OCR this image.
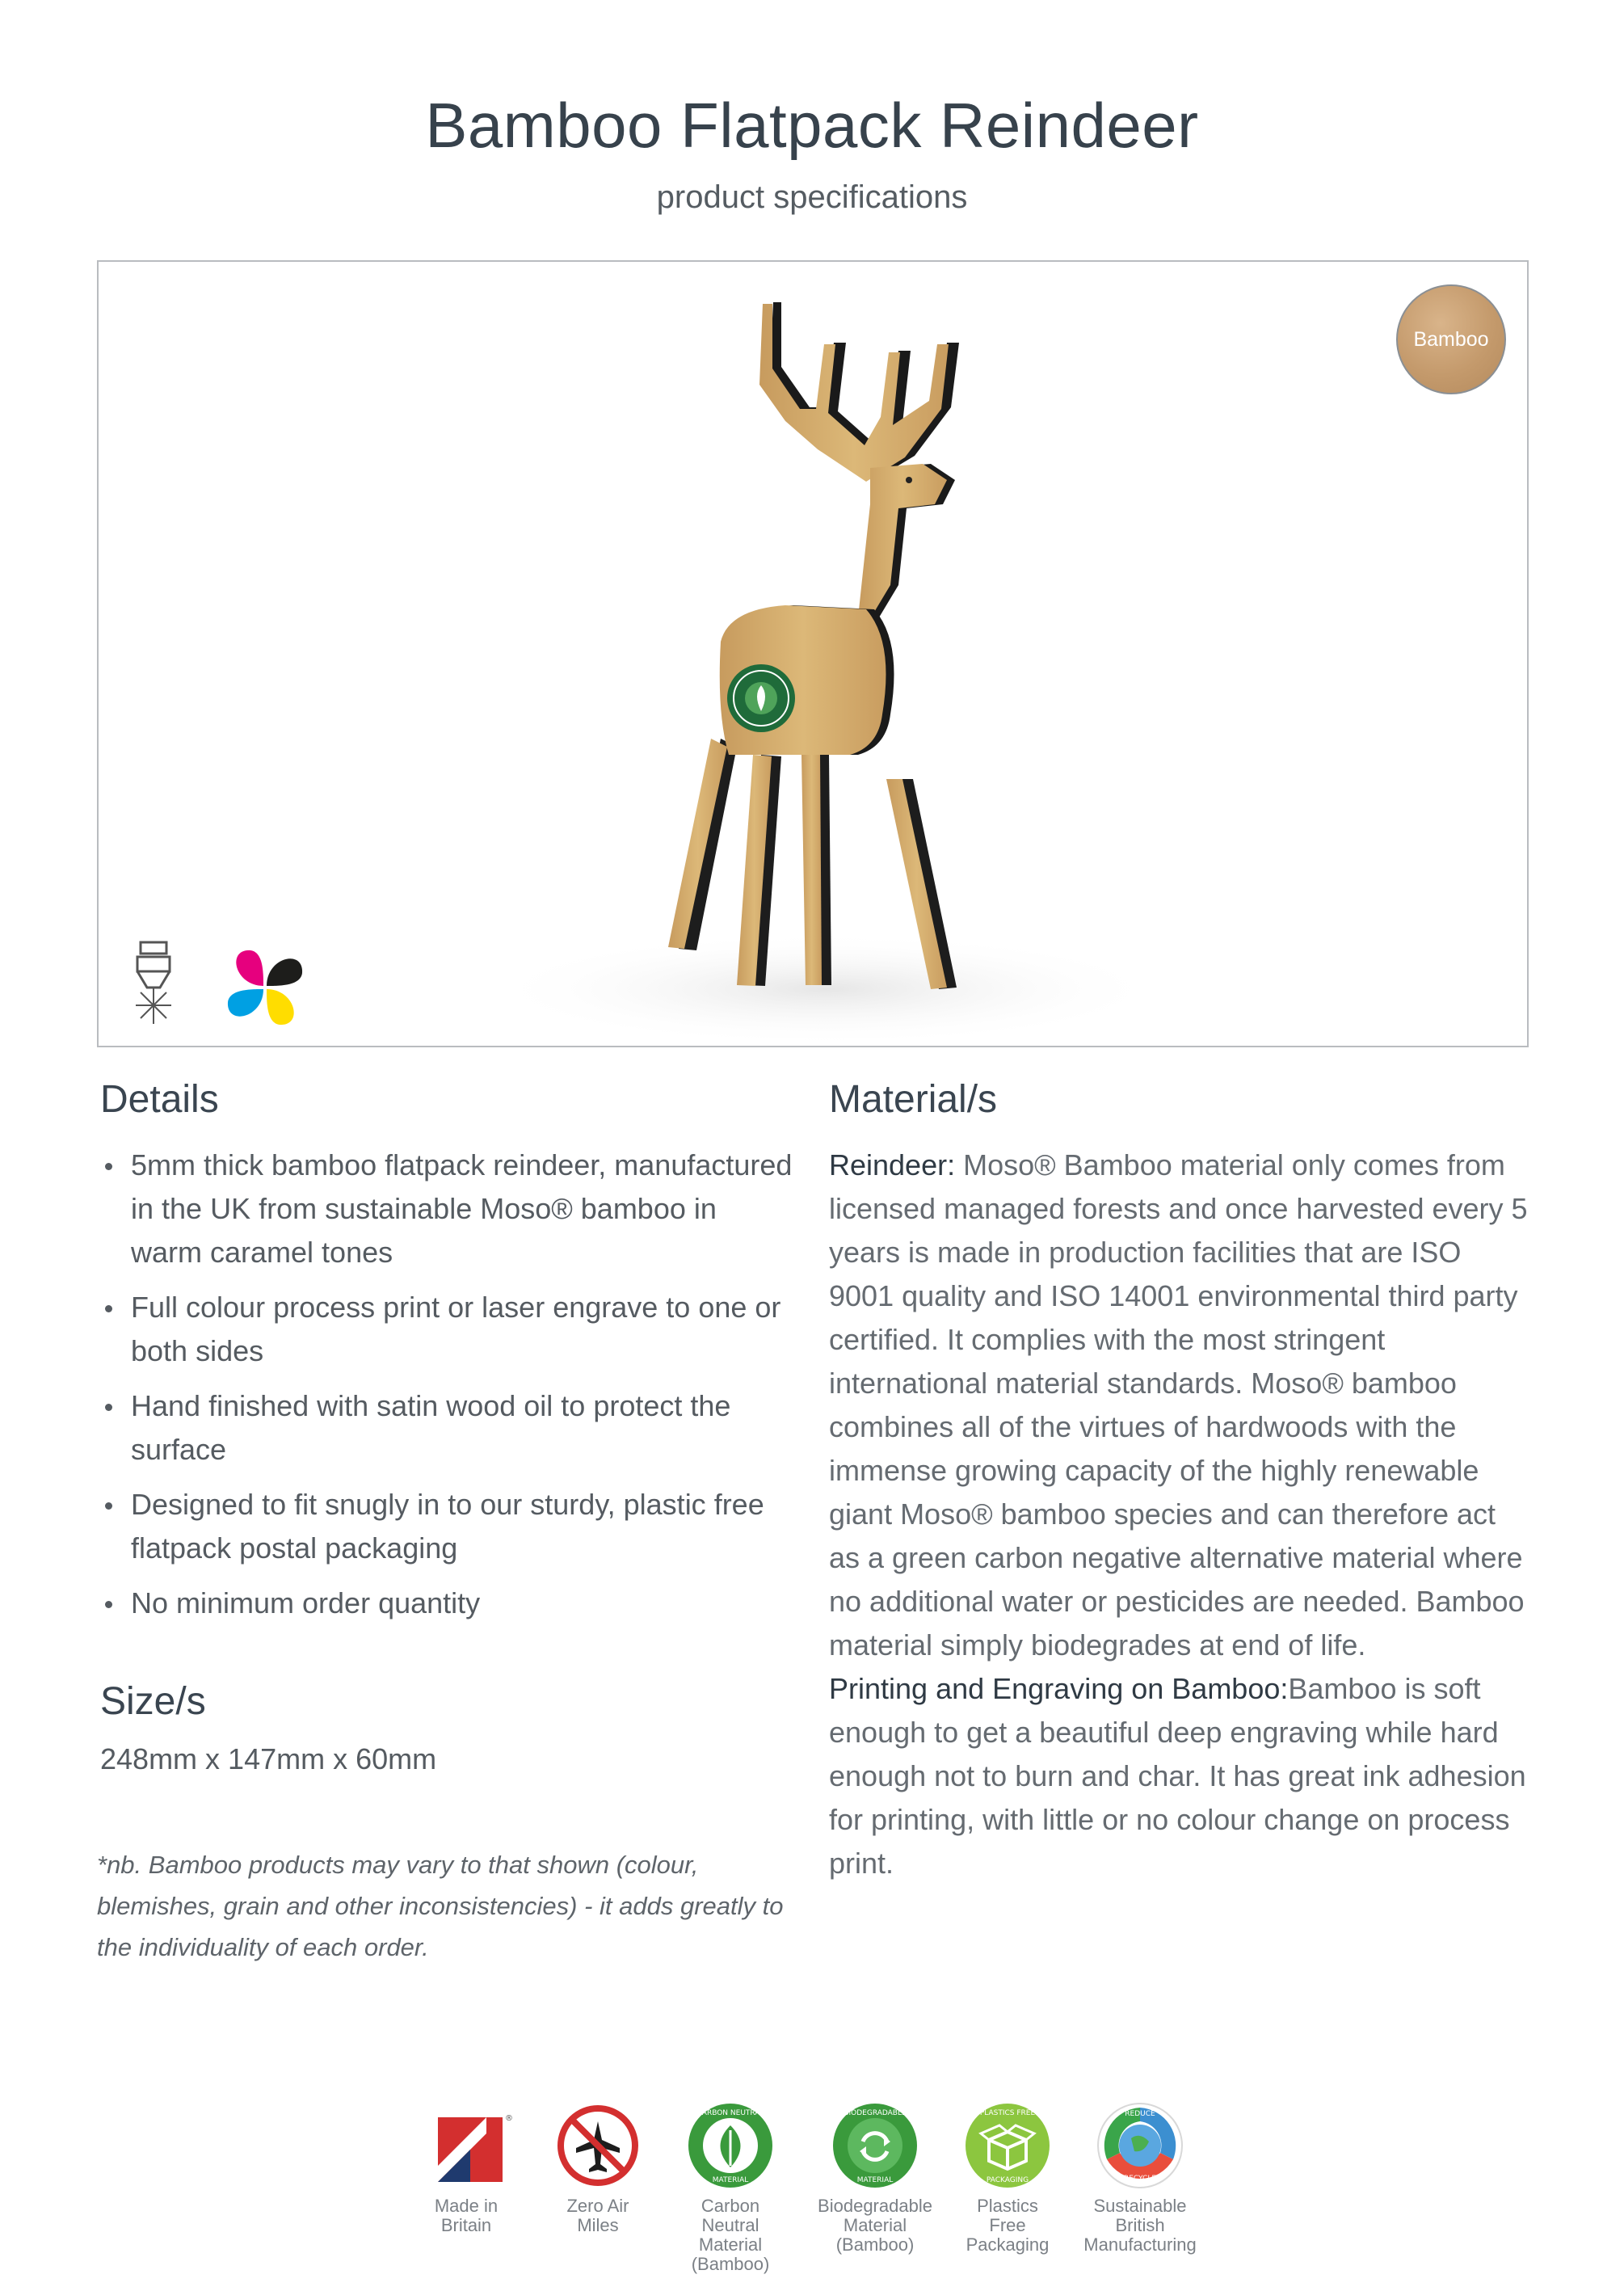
Bamboo Flatpack Reindeer
product specifications
Bamboo
Details
5mm thick bamboo flatpack reindeer, manufactured in the UK from sustainable Moso® bamboo in warm caramel tones
Full colour process print or laser engrave to one or both sides
Hand finished with satin wood oil to protect the surface
Designed to fit snugly in to our sturdy, plastic free flatpack postal packaging
No minimum order quantity
Size/s
248mm x 147mm x 60mm
*nb. Bamboo products may vary to that shown (colour, blemishes, grain and other inconsistencies) - it adds greatly to the individuality of each order.
Material/s
Reindeer: Moso® Bamboo material only comes from licensed managed forests and once harvested every 5 years is made in production facilities that are ISO 9001 quality and ISO 14001 environmental third party certified. It complies with the most stringent international material standards. Moso® bamboo combines all of the virtues of hardwoods with the immense growing capacity of the highly renewable giant Moso® bamboo species and can therefore act as a green carbon negative alternative material where no additional water or pesticides are needed. Bamboo material simply biodegrades at end of life.
Printing and Engraving on Bamboo:Bamboo is soft enough to get a beautiful deep engraving while hard enough not to burn and char. It has great ink adhesion for printing, with little or no colour change on process print.
®
Made in
Britain
Zero Air
Miles
CARBON NEUTRAL
MATERIAL
Carbon
Neutral
Material
(Bamboo)
BIODEGRADABLE
MATERIAL
Biodegradable
Material
(Bamboo)
PLASTICS FREE
PACKAGING
Plastics
Free
Packaging
REDUCE
RECYCLE
Sustainable
British
Manufacturing
